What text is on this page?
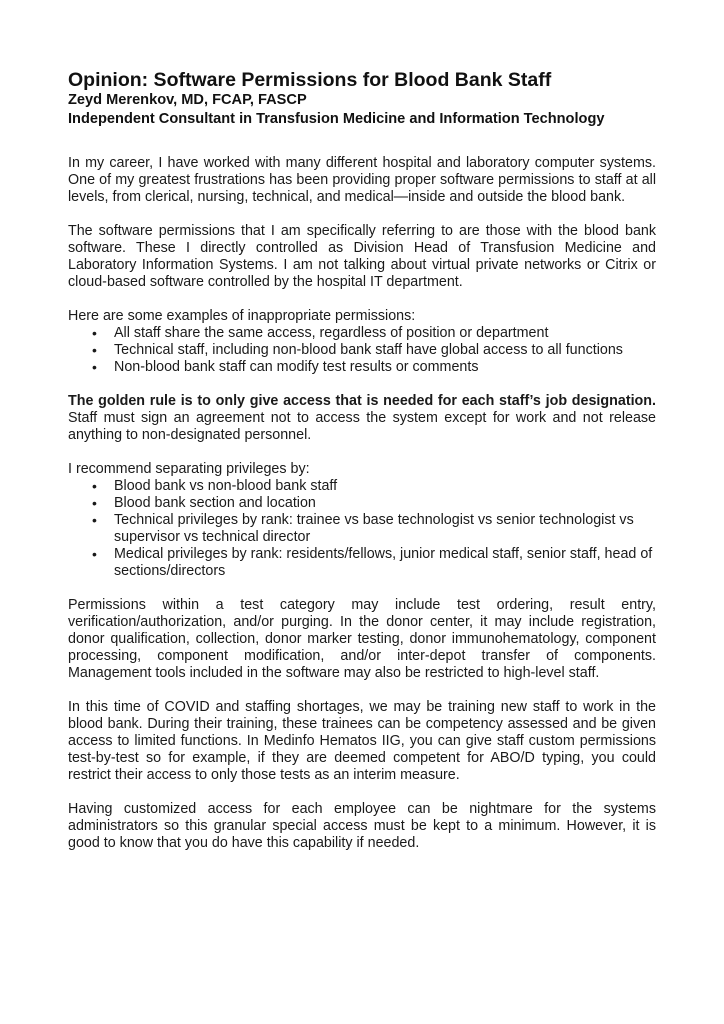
Opinion: Software Permissions for Blood Bank Staff
Zeyd Merenkov, MD, FCAP, FASCP
Independent Consultant in Transfusion Medicine and Information Technology

In my career, I have worked with many different hospital and laboratory computer systems. One of my greatest frustrations has been providing proper software permissions to staff at all levels, from clerical, nursing, technical, and medical—inside and outside the blood bank.

The software permissions that I am specifically referring to are those with the blood bank software. These I directly controlled as Division Head of Transfusion Medicine and Laboratory Information Systems. I am not talking about virtual private networks or Citrix or cloud-based software controlled by the hospital IT department.

Here are some examples of inappropriate permissions:
• All staff share the same access, regardless of position or department
• Technical staff, including non-blood bank staff have global access to all functions
• Non-blood bank staff can modify test results or comments

The golden rule is to only give access that is needed for each staff’s job designation. Staff must sign an agreement not to access the system except for work and not release anything to non-designated personnel.

I recommend separating privileges by:
• Blood bank vs non-blood bank staff
• Blood bank section and location
• Technical privileges by rank: trainee vs base technologist vs senior technologist vs supervisor vs technical director
• Medical privileges by rank: residents/fellows, junior medical staff, senior staff, head of sections/directors

Permissions within a test category may include test ordering, result entry, verification/authorization, and/or purging. In the donor center, it may include registration, donor qualification, collection, donor marker testing, donor immunohematology, component processing, component modification, and/or inter-depot transfer of components. Management tools included in the software may also be restricted to high-level staff.

In this time of COVID and staffing shortages, we may be training new staff to work in the blood bank. During their training, these trainees can be competency assessed and be given access to limited functions. In Medinfo Hematos IIG, you can give staff custom permissions test-by-test so for example, if they are deemed competent for ABO/D typing, you could restrict their access to only those tests as an interim measure.

Having customized access for each employee can be nightmare for the systems administrators so this granular special access must be kept to a minimum. However, it is good to know that you do have this capability if needed.
